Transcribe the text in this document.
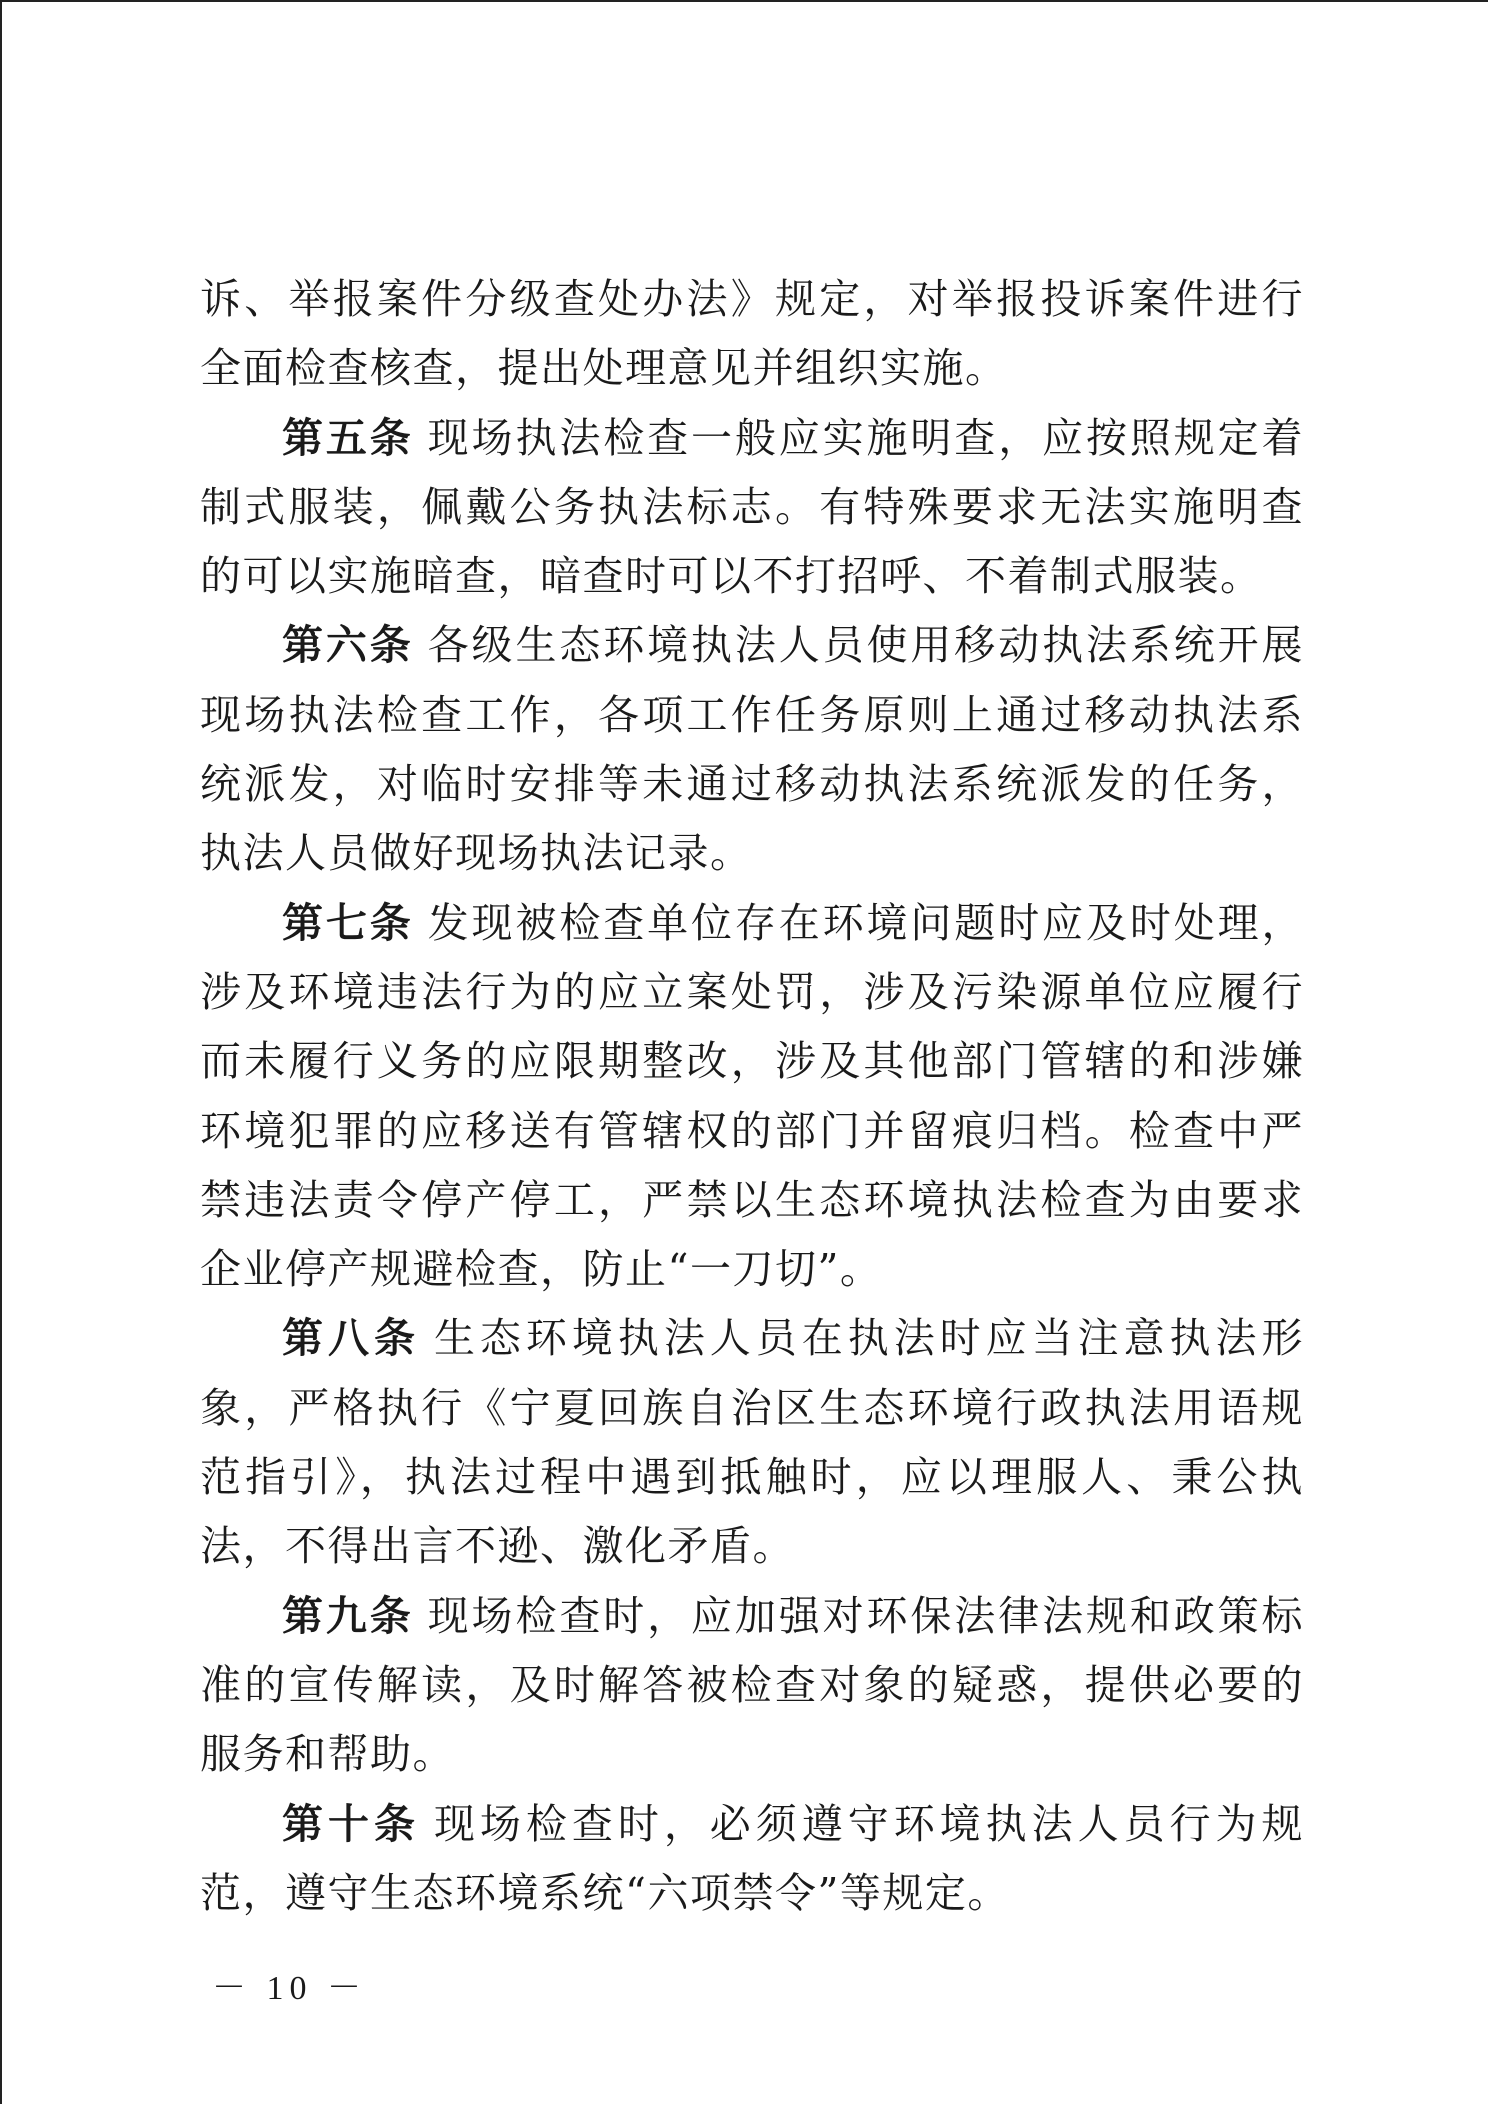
诉、举报案件分级查处办法》规定，对举报投诉案件进行全面检查核查，提出处理意见并组织实施。

第五条 现场执法检查一般应实施明查，应按照规定着制式服装，佩戴公务执法标志。有特殊要求无法实施明查的可以实施暗查，暗查时可以不打招呼、不着制式服装。

第六条 各级生态环境执法人员使用移动执法系统开展现场执法检查工作，各项工作任务原则上通过移动执法系统派发，对临时安排等未通过移动执法系统派发的任务，执法人员做好现场执法记录。

第七条 发现被检查单位存在环境问题时应及时处理，涉及环境违法行为的应立案处罚，涉及污染源单位应履行而未履行义务的应限期整改，涉及其他部门管辖的和涉嫌环境犯罪的应移送有管辖权的部门并留痕归档。检查中严禁违法责令停产停工，严禁以生态环境执法检查为由要求企业停产规避检查，防止“一刀切”。

第八条 生态环境执法人员在执法时应当注意执法形象，严格执行《宁夏回族自治区生态环境行政执法用语规范指引》，执法过程中遇到抵触时，应以理服人、秉公执法，不得出言不逊、激化矛盾。

第九条 现场检查时，应加强对环保法律法规和政策标准的宣传解读，及时解答被检查对象的疑惑，提供必要的服务和帮助。

第十条 现场检查时，必须遵守环境执法人员行为规范，遵守生态环境系统“六项禁令”等规定。

－ 10 －
